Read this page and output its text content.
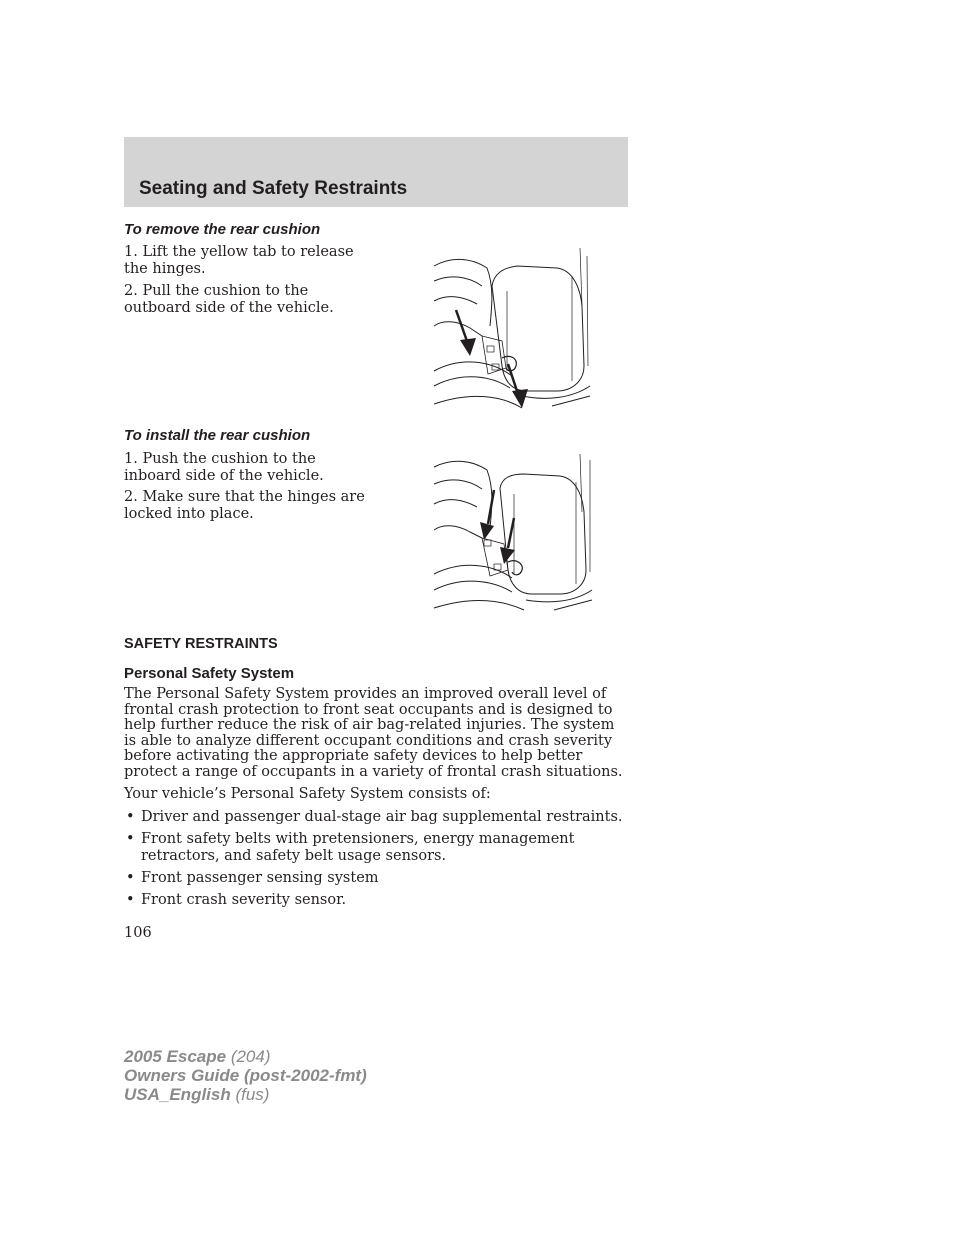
Seating and Safety Restraints
To remove the rear cushion

1. Lift the yellow tab to release the hinges.

2. Pull the cushion to the outboard side of the vehicle.

To install the rear cushion

1. Push the cushion to the inboard side of the vehicle.

2. Make sure that the hinges are locked into place.

SAFETY RESTRAINTS
Personal Safety System

The Personal Safety System provides an improved overall level of frontal crash protection to front seat occupants and is designed to help further reduce the risk of air bag-related injuries. The system is able to analyze different occupant conditions and crash severity before activating the appropriate safety devices to help better protect a range of occupants in a variety of frontal crash situations.

Your vehicle’s Personal Safety System consists of:

• Driver and passenger dual-stage air bag supplemental restraints.
• Front safety belts with pretensioners, energy management retractors, and safety belt usage sensors.
• Front passenger sensing system
• Front crash severity sensor.

106

2005 Escape (204)
Owners Guide (post-2002-fmt)
USA_English (fus)
